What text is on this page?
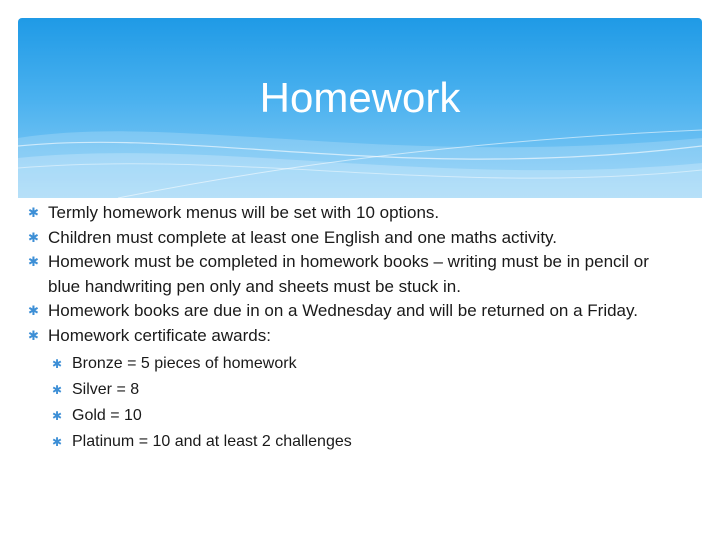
Homework
✱ Termly homework menus will be set with 10 options.
✱ Children must complete at least one English and one maths activity.
✱ Homework must be completed in homework books – writing must be in pencil or blue handwriting pen only and sheets must be stuck in.
✱ Homework books are due in on a Wednesday and will be returned on a Friday.
✱ Homework certificate awards:
✱ Bronze = 5 pieces of homework
✱ Silver = 8
✱ Gold = 10
✱ Platinum = 10 and at least 2 challenges
